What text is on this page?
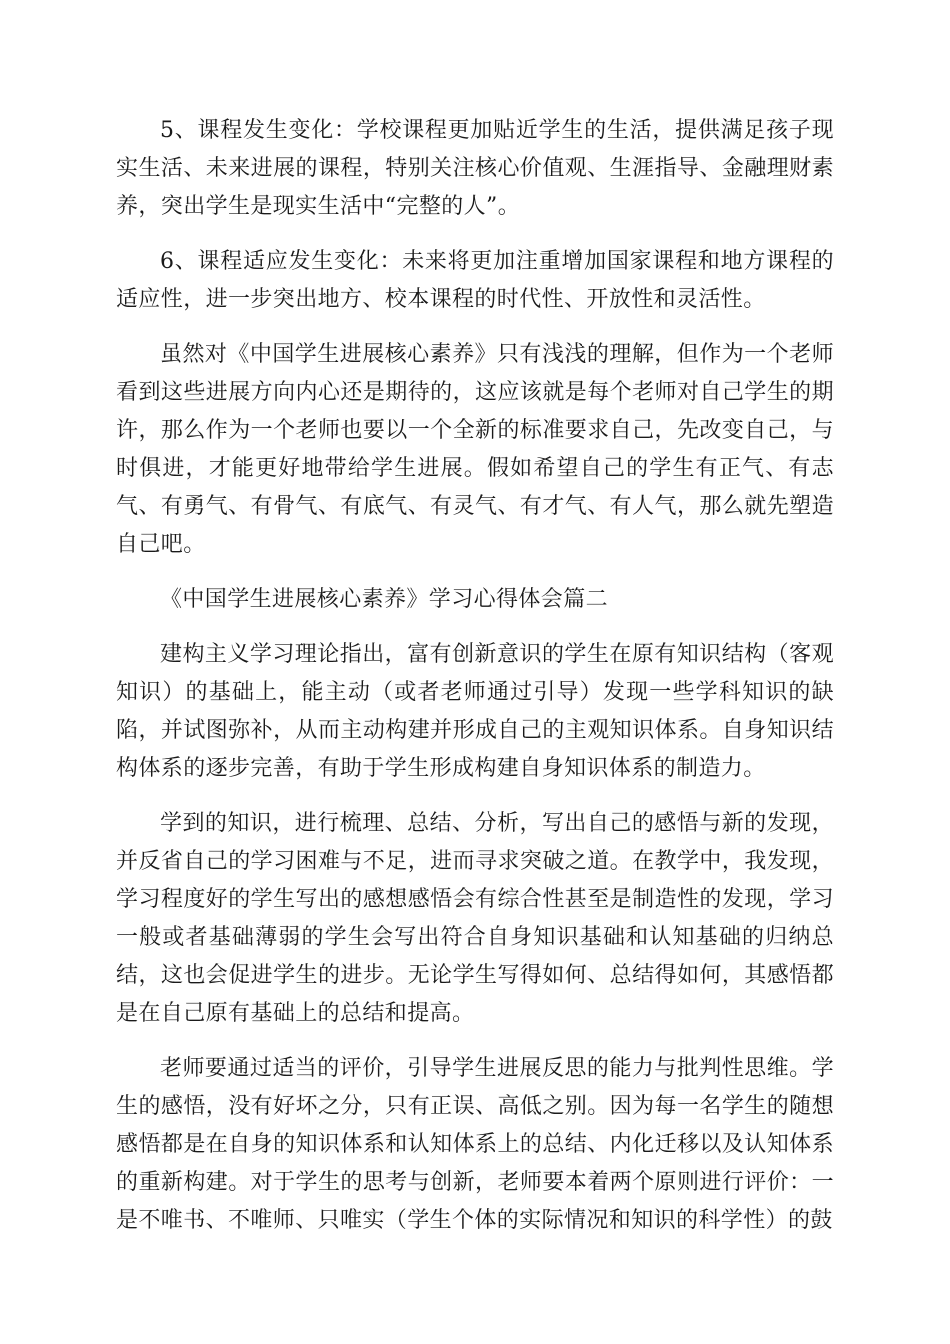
5、课程发生变化：学校课程更加贴近学生的生活，提供满足孩子现实生活、未来进展的课程，特别关注核心价值观、生涯指导、金融理财素养，突出学生是现实生活中“完整的人”。

6、课程适应发生变化：未来将更加注重增加国家课程和地方课程的适应性，进一步突出地方、校本课程的时代性、开放性和灵活性。

虽然对《中国学生进展核心素养》只有浅浅的理解，但作为一个老师看到这些进展方向内心还是期待的，这应该就是每个老师对自己学生的期许，那么作为一个老师也要以一个全新的标准要求自己，先改变自己，与时俱进，才能更好地带给学生进展。假如希望自己的学生有正气、有志气、有勇气、有骨气、有底气、有灵气、有才气、有人气，那么就先塑造自己吧。

《中国学生进展核心素养》学习心得体会篇二

建构主义学习理论指出，富有创新意识的学生在原有知识结构（客观知识）的基础上，能主动（或者老师通过引导）发现一些学科知识的缺陷，并试图弥补，从而主动构建并形成自己的主观知识体系。自身知识结构体系的逐步完善，有助于学生形成构建自身知识体系的制造力。

学到的知识，进行梳理、总结、分析，写出自己的感悟与新的发现，并反省自己的学习困难与不足，进而寻求突破之道。在教学中，我发现，学习程度好的学生写出的感想感悟会有综合性甚至是制造性的发现，学习一般或者基础薄弱的学生会写出符合自身知识基础和认知基础的归纳总结，这也会促进学生的进步。无论学生写得如何、总结得如何，其感悟都是在自己原有基础上的总结和提高。

老师要通过适当的评价，引导学生进展反思的能力与批判性思维。学生的感悟，没有好坏之分，只有正误、高低之别。因为每一名学生的随想感悟都是在自身的知识体系和认知体系上的总结、内化迁移以及认知体系的重新构建。对于学生的思考与创新，老师要本着两个原则进行评价：一是不唯书、不唯师、只唯实（学生个体的实际情况和知识的科学性）的鼓
